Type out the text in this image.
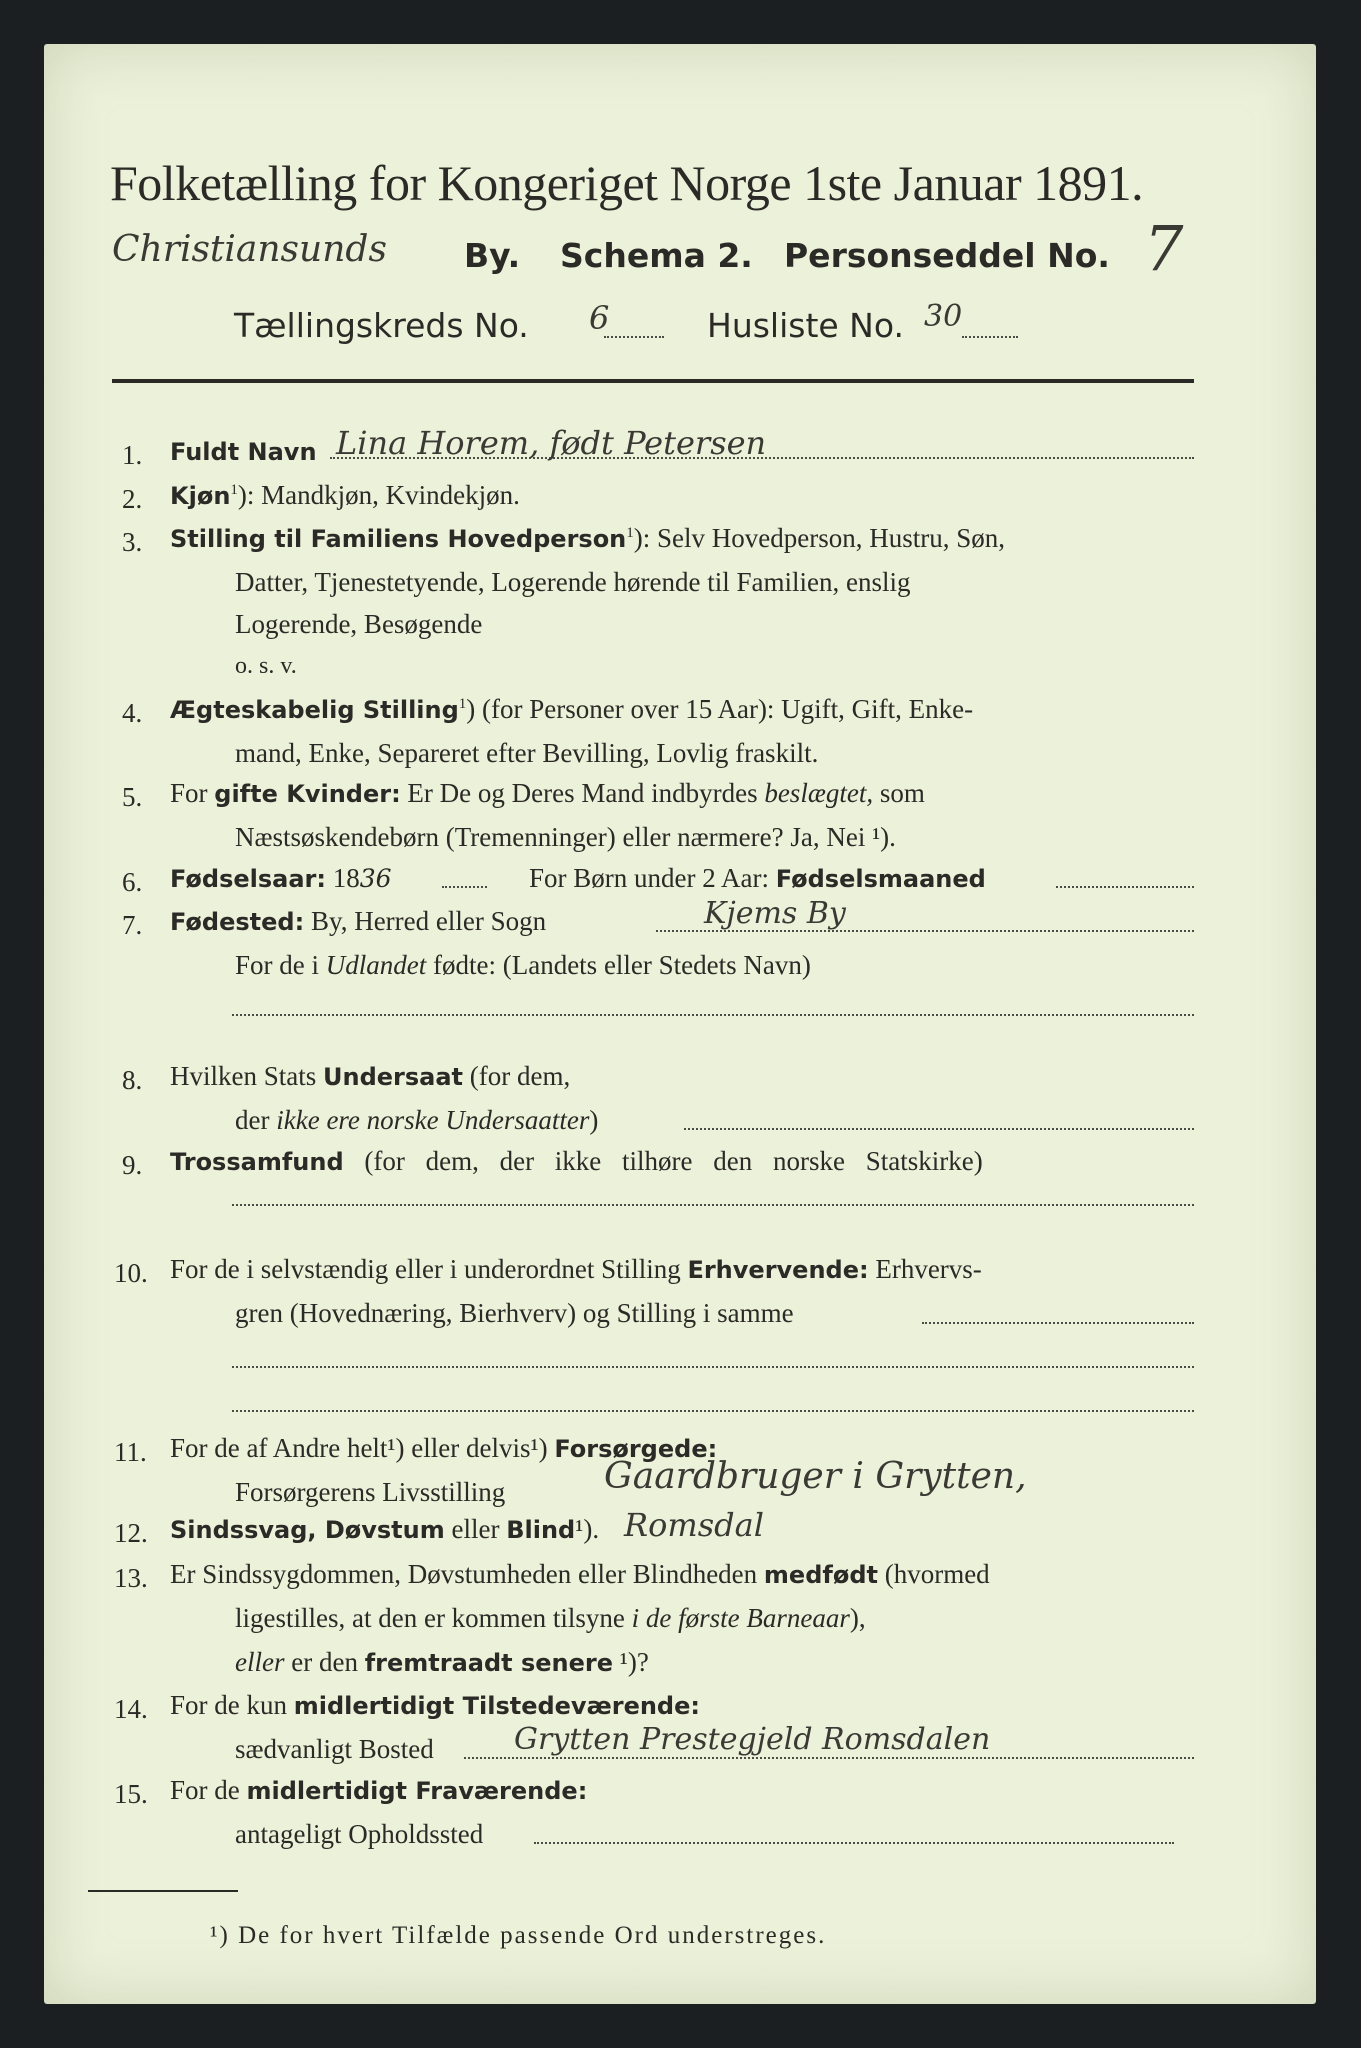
Folketælling for Kongeriget Norge 1ste Januar 1891.
Christiansunds By. Schema 2. Personseddel No. 7
Tællingskreds No. 6	Husliste No. 30
1. Fuldt Navn Lina Horem, født Petersen
2. Kjøn$^1$): Mandkjøn, Kvindekjøn.
3. Stilling til Familiens Hovedperson$^1$): Selv Hovedperson, Hustru, Søn,
Datter, Tjenestetyende, Logerende hørende til Familien, enslig
Logerende, Besøgende
o. s. v.
4. Ægteskabelig Stilling$^1$) (for Personer over 15 Aar): Ugift, Gift, Enke-
mand, Enke, Separeret efter Bevilling, Lovlig fraskilt.
5. For gifte Kvinder: Er De og Deres Mand indbyrdes beslægtet, som
Næstsøskendebørn (Tremenninger) eller nærmere? Ja, Nei ¹).
6. Fødselsaar: 1836	For Børn under 2 Aar: Fødselsmaaned
7. Fødested: By, Herred eller Sogn	Kjems By
For de i Udlandet fødte: (Landets eller Stedets Navn)
8. Hvilken Stats Undersaat (for dem,
der ikke ere norske Undersaatter)
9. Trossamfund (for dem, der ikke tilhøre den norske Statskirke)
10. For de i selvstændig eller i underordnet Stilling Erhvervende: Erhvervs-
gren (Hovednæring, Bierhverv) og Stilling i samme
11. For de af Andre helt¹) eller delvis¹) Forsørgede:
Forsørgerens Livsstilling	Gaardbruger i Grytten,
Romsdal
12. Sindssvag, Døvstum eller Blind¹).
13. Er Sindssygdommen, Døvstumheden eller Blindheden medfødt (hvormed
ligestilles, at den er kommen tilsyne i de første Barneaar),
eller er den fremtraadt senere ¹)?
14. For de kun midlertidigt Tilstedeværende:
sædvanligt Bosted	Grytten Prestegjeld Romsdalen
15. For de midlertidigt Fraværende:
antageligt Opholdssted
¹) De for hvert Tilfælde passende Ord understreges.
